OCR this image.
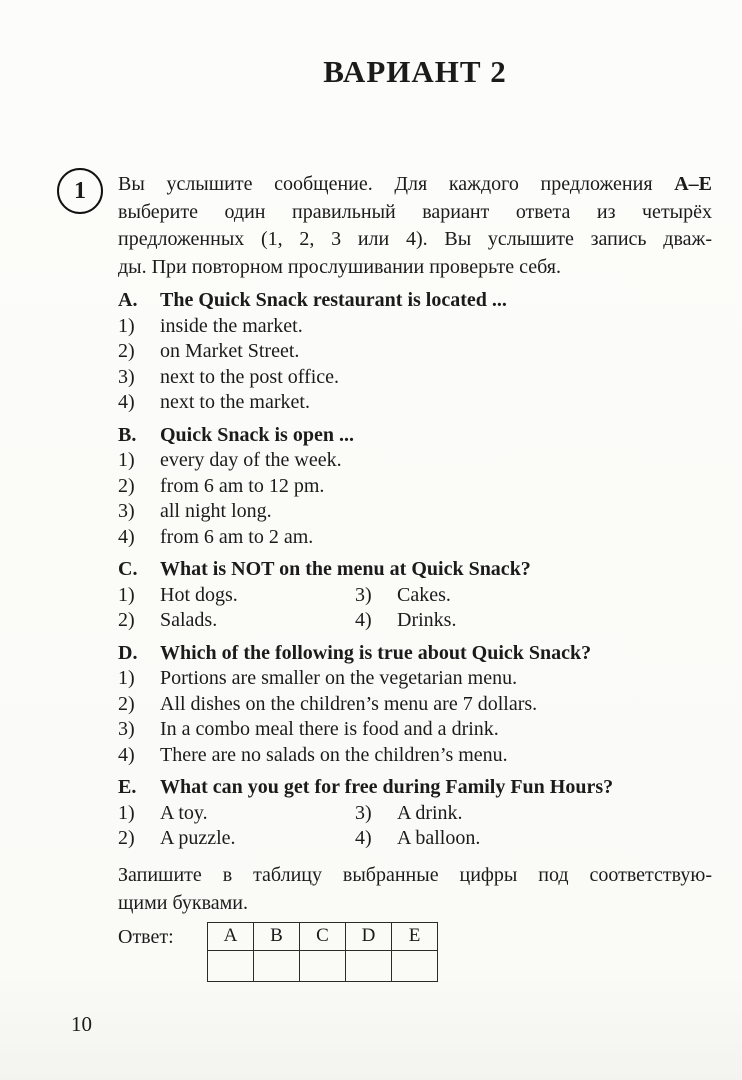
ВАРИАНТ 2
1 Вы услышите сообщение. Для каждого предложения А–Е
выберите один правильный вариант ответа из четырёх
предложенных (1, 2, 3 или 4). Вы услышите запись дваж-
ды. При повторном прослушивании проверьте себя.
A.	The Quick Snack restaurant is located ...
1)	inside the market.
2)	on Market Street.
3)	next to the post office.
4)	next to the market.
B.	Quick Snack is open ...
1)	every day of the week.
2)	from 6 am to 12 pm.
3)	all night long.
4)	from 6 am to 2 am.
C.	What is NOT on the menu at Quick Snack?
1)	Hot dogs.	3)	Cakes.
2)	Salads.	4)	Drinks.
D.	Which of the following is true about Quick Snack?
1)	Portions are smaller on the vegetarian menu.
2)	All dishes on the children’s menu are 7 dollars.
3)	In a combo meal there is food and a drink.
4)	There are no salads on the children’s menu.
E.	What can you get for free during Family Fun Hours?
1)	A toy.	3)	A drink.
2)	A puzzle.	4)	A balloon.
Запишите в таблицу выбранные цифры под соответствую-
щими буквами.
Ответ:	А	В	С	D	Е

10
